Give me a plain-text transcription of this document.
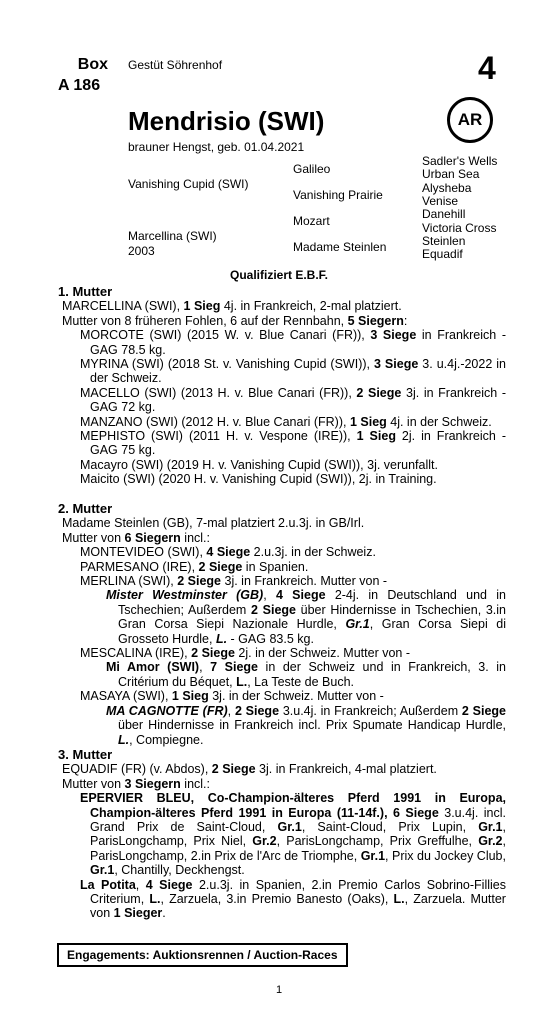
Box
A 186
Gestüt Söhrenhof	4
Mendrisio (SWI)	AR
brauner Hengst, geb. 01.04.2021
Vanishing Cupid (SWI)
Marcellina (SWI)
2003
Galileo
Vanishing Prairie
Mozart
Madame Steinlen
Sadler's Wells
Urban Sea
Alysheba
Venise
Danehill
Victoria Cross
Steinlen
Equadif
Qualifiziert E.B.F.
1. Mutter

MARCELLINA (SWI), 1 Sieg 4j. in Frankreich, 2-mal platziert.

Mutter von 8 früheren Fohlen, 6 auf der Rennbahn, 5 Siegern:

MORCOTE (SWI) (2015 W. v. Blue Canari (FR)), 3 Siege in Frankreich - GAG 78.5 kg.

MYRINA (SWI) (2018 St. v. Vanishing Cupid (SWI)), 3 Siege 3. u.4j.-2022 in der Schweiz.

MACELLO (SWI) (2013 H. v. Blue Canari (FR)), 2 Siege 3j. in Frankreich - GAG 72 kg.

MANZANO (SWI) (2012 H. v. Blue Canari (FR)), 1 Sieg 4j. in der Schweiz.

MEPHISTO (SWI) (2011 H. v. Vespone (IRE)), 1 Sieg 2j. in Frankreich - GAG 75 kg.

Macayro (SWI) (2019 H. v. Vanishing Cupid (SWI)), 3j. verunfallt.

Maicito (SWI) (2020 H. v. Vanishing Cupid (SWI)), 2j. in Training.

2. Mutter

Madame Steinlen (GB), 7-mal platziert 2.u.3j. in GB/Irl.

Mutter von 6 Siegern incl.:

MONTEVIDEO (SWI), 4 Siege 2.u.3j. in der Schweiz.

PARMESANO (IRE), 2 Siege in Spanien.

MERLINA (SWI), 2 Siege 3j. in Frankreich. Mutter von -

Mister Westminster (GB), 4 Siege 2-4j. in Deutschland und in Tschechien; Außerdem 2 Siege über Hindernisse in Tschechien, 3.in Gran Corsa Siepi Nazionale Hurdle, Gr.1, Gran Corsa Siepi di Grosseto Hurdle, L. - GAG 83.5 kg.

MESCALINA (IRE), 2 Siege 2j. in der Schweiz. Mutter von -

Mi Amor (SWI), 7 Siege in der Schweiz und in Frankreich, 3. in Critérium du Béquet, L., La Teste de Buch.

MASAYA (SWI), 1 Sieg 3j. in der Schweiz. Mutter von -

MA CAGNOTTE (FR), 2 Siege 3.u.4j. in Frankreich; Außerdem 2 Siege über Hindernisse in Frankreich incl. Prix Spumate Handicap Hurdle, L., Compiegne.

3. Mutter

EQUADIF (FR) (v. Abdos), 2 Siege 3j. in Frankreich, 4-mal platziert.

Mutter von 3 Siegern incl.:

EPERVIER BLEU, Co-Champion-älteres Pferd 1991 in Europa, Champion-älteres Pferd 1991 in Europa (11-14f.), 6 Siege 3.u.4j. incl. Grand Prix de Saint-Cloud, Gr.1, Saint-Cloud, Prix Lupin, Gr.1, ParisLongchamp, Prix Niel, Gr.2, ParisLongchamp, Prix Greffulhe, Gr.2, ParisLongchamp, 2.in Prix de l'Arc de Triomphe, Gr.1, Prix du Jockey Club, Gr.1, Chantilly, Deckhengst.

La Potita, 4 Siege 2.u.3j. in Spanien, 2.in Premio Carlos Sobrino-Fillies Criterium, L., Zarzuela, 3.in Premio Banesto (Oaks), L., Zarzuela. Mutter von 1 Sieger.

Engagements: Auktionsrennen / Auction-Races
1
